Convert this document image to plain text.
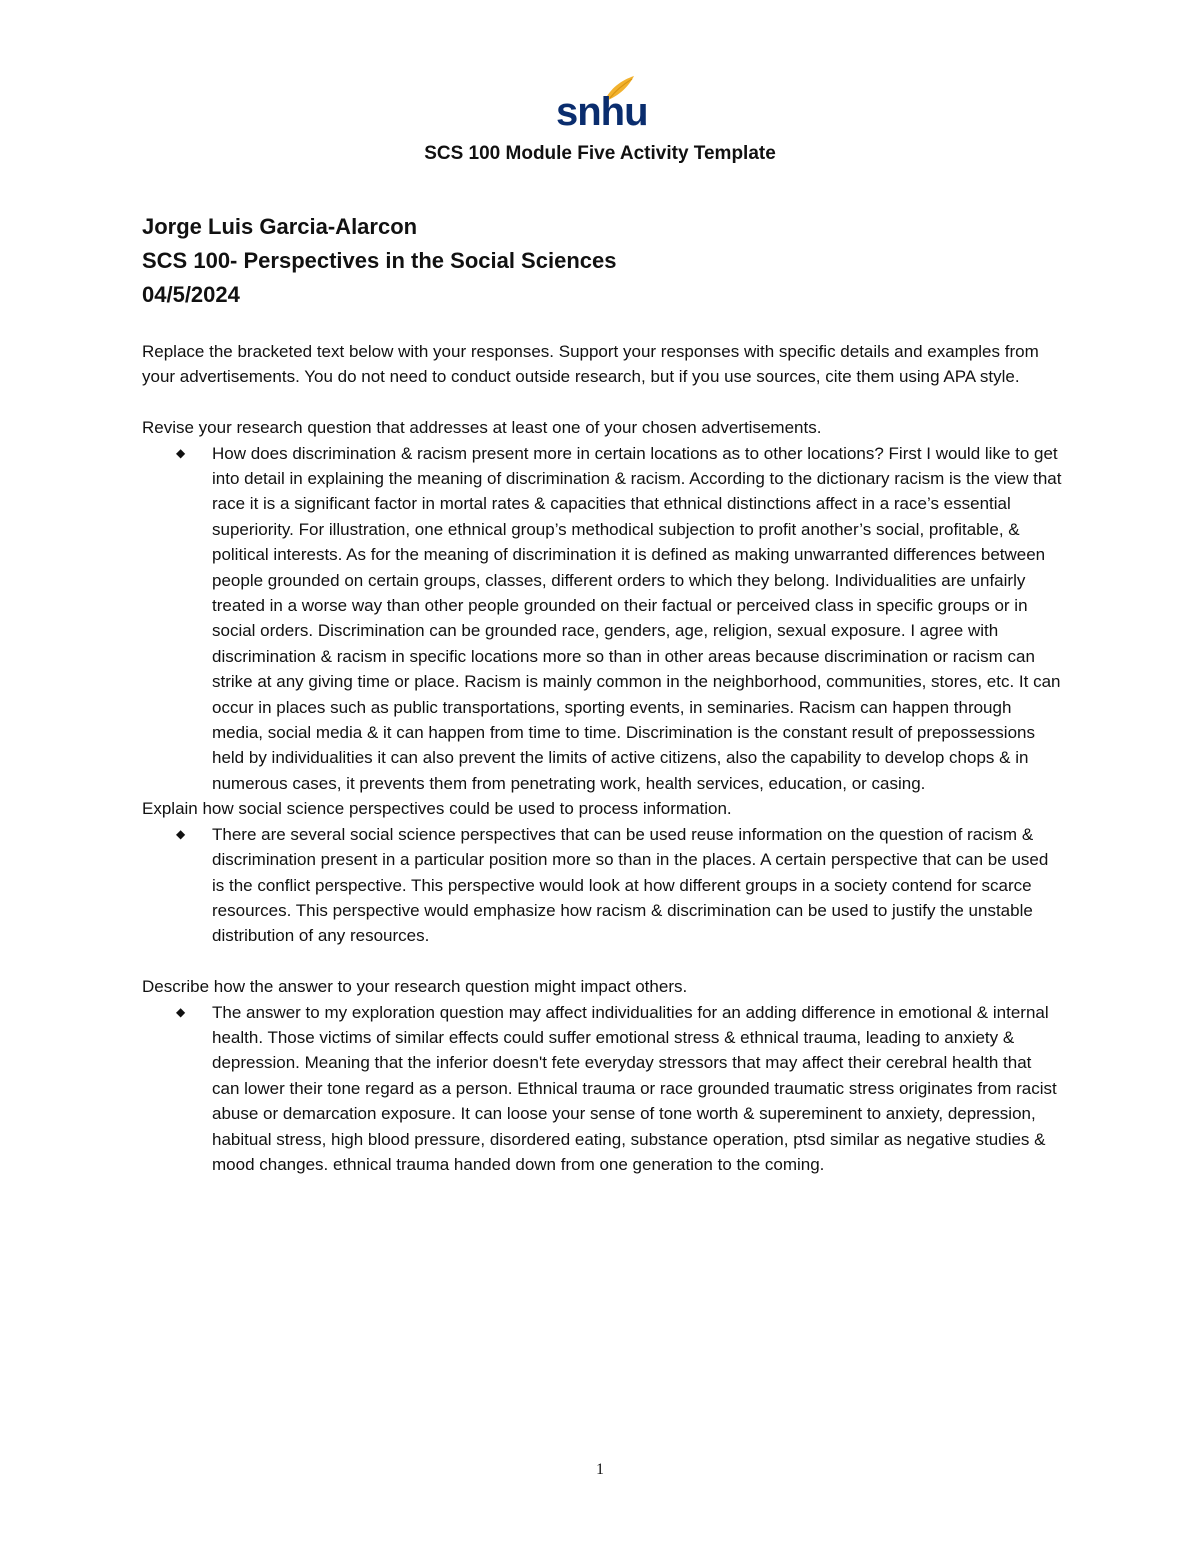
snhu
SCS 100 Module Five Activity Template
Jorge Luis Garcia-Alarcon
SCS 100- Perspectives in the Social Sciences
04/5/2024

Replace the bracketed text below with your responses. Support your responses with specific details and examples from your advertisements. You do not need to conduct outside research, but if you use sources, cite them using APA style.

Revise your research question that addresses at least one of your chosen advertisements.

◆ How does discrimination & racism present more in certain locations as to other locations? First I would like to get into detail in explaining the meaning of discrimination & racism. According to the dictionary racism is the view that race it is a significant factor in mortal rates & capacities that ethnical distinctions affect in a race’s essential superiority. For illustration, one ethnical group’s methodical subjection to profit another’s social, profitable, & political interests. As for the meaning of discrimination it is defined as making unwarranted differences between people grounded on certain groups, classes, different orders to which they belong. Individualities are unfairly treated in a worse way than other people grounded on their factual or perceived class in specific groups or in social orders. Discrimination can be grounded race, genders, age, religion, sexual exposure. I agree with discrimination & racism in specific locations more so than in other areas because discrimination or racism can strike at any giving time or place. Racism is mainly common in the neighborhood, communities, stores, etc. It can occur in places such as public transportations, sporting events, in seminaries. Racism can happen through media, social media & it can happen from time to time. Discrimination is the constant result of prepossessions held by individualities it can also prevent the limits of active citizens, also the capability to develop chops & in numerous cases, it prevents them from penetrating work, health services, education, or casing.

Explain how social science perspectives could be used to process information.

◆ There are several social science perspectives that can be used reuse information on the question of racism & discrimination present in a particular position more so than in the places. A certain perspective that can be used is the conflict perspective. This perspective would look at how different groups in a society contend for scarce resources. This perspective would emphasize how racism & discrimination can be used to justify the unstable distribution of any resources.

Describe how the answer to your research question might impact others.

◆ The answer to my exploration question may affect individualities for an adding difference in emotional & internal health. Those victims of similar effects could suffer emotional stress & ethnical trauma, leading to anxiety & depression. Meaning that the inferior doesn't fete everyday stressors that may affect their cerebral health that can lower their tone regard as a person. Ethnical trauma or race grounded traumatic stress originates from racist abuse or demarcation exposure. It can loose your sense of tone worth & supereminent to anxiety, depression, habitual stress, high blood pressure, disordered eating, substance operation, ptsd similar as negative studies & mood changes. ethnical trauma handed down from one generation to the coming.
1
